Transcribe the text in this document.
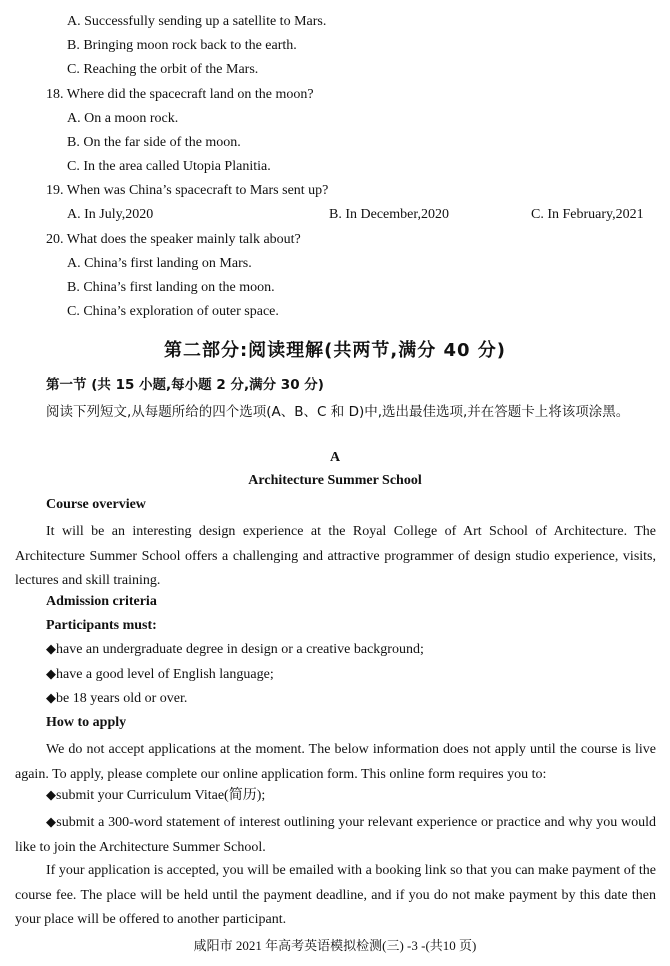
A. Successfully sending up a satellite to Mars.
B. Bringing moon rock back to the earth.
C. Reaching the orbit of the Mars.
18. Where did the spacecraft land on the moon?
A. On a moon rock.
B. On the far side of the moon.
C. In the area called Utopia Planitia.
19. When was China’s spacecraft to Mars sent up?
A. In July,2020	B. In December,2020	C. In February,2021
20. What does the speaker mainly talk about?
A. China’s first landing on Mars.
B. China’s first landing on the moon.
C. China’s exploration of outer space.
第二部分:阅读理解(共两节,满分 40 分)
第一节 (共 15 小题,每小题 2 分,满分 30 分)
阅读下列短文,从每题所给的四个选项(A、B、C 和 D)中,选出最佳选项,并在答题卡上将该项涂黑。
A
Architecture Summer School
Course overview
It will be an interesting design experience at the Royal College of Art School of Architecture. The Architecture Summer School offers a challenging and attractive programmer of design studio experience, visits, lectures and skill training.
Admission criteria
Participants must:
◆have an undergraduate degree in design or a creative background;
◆have a good level of English language;
◆be 18 years old or over.
How to apply
We do not accept applications at the moment. The below information does not apply until the course is live again. To apply, please complete our online application form. This online form requires you to:
◆submit your Curriculum Vitae(简历);
◆submit a 300-word statement of interest outlining your relevant experience or practice and why you would like to join the Architecture Summer School.
If your application is accepted, you will be emailed with a booking link so that you can make payment of the course fee. The place will be held until the payment deadline, and if you do not make payment by this date then your place will be offered to another participant.
咸阳市 2021 年高考英语模拟检测(三) -3 -(共10 页)
